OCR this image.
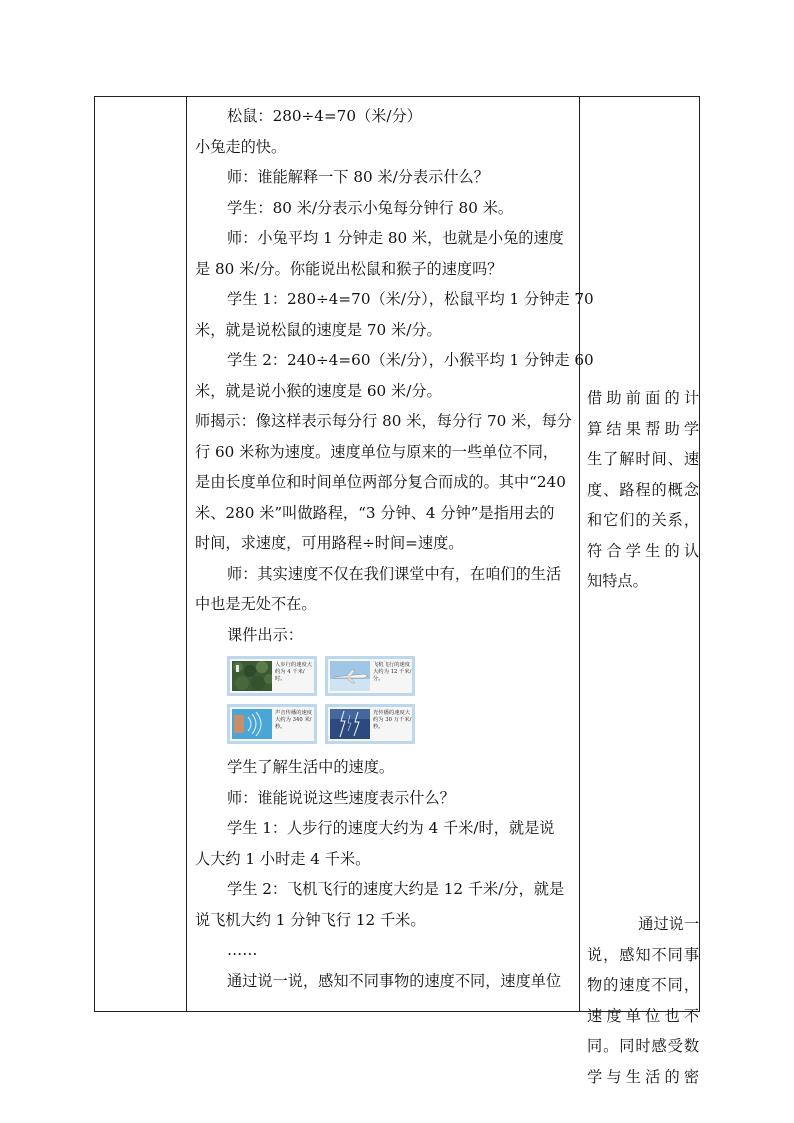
松鼠：280÷4=70（米/分）

小兔走的快。

师：谁能解释一下 80 米/分表示什么？

学生：80 米/分表示小兔每分钟行 80 米。

师：小兔平均 1 分钟走 80 米，也就是小兔的速度

是 80 米/分。你能说出松鼠和猴子的速度吗？

学生 1：280÷4=70（米/分），松鼠平均 1 分钟走 70

米，就是说松鼠的速度是 70 米/分。

学生 2：240÷4=60（米/分），小猴平均 1 分钟走 60

米，就是说小猴的速度是 60 米/分。

师揭示：像这样表示每分行 80 米，每分行 70 米，每分

行 60 米称为速度。速度单位与原来的一些单位不同，

是由长度单位和时间单位两部分复合而成的。其中“240

米、280 米”叫做路程，“3 分钟、4 分钟”是指用去的

时间，求速度，可用路程÷时间=速度。

师：其实速度不仅在我们课堂中有，在咱们的生活

中也是无处不在。

课件出示：

人步行的速度大约为 4 千米/时。
飞机飞行的速度大约为 12 千米/分。
声音传播的速度大约为 340 米/秒。
光传播的速度大约为 30 万千米/秒。

学生了解生活中的速度。

师：谁能说说这些速度表示什么？

学生 1：人步行的速度大约为 4 千米/时，就是说

人大约 1 小时走 4 千米。

学生 2：飞机飞行的速度大约是 12 千米/分，就是

说飞机大约 1 分钟飞行 12 千米。

……

通过说一说，感知不同事物的速度不同，速度单位

借助前面的计

算结果帮助学

生了解时间、速

度、路程的概念

和它们的关系，

符合学生的认

知特点。

通过说一

说，感知不同事

物的速度不同，

速度单位也不

同。同时感受数

学与生活的密
